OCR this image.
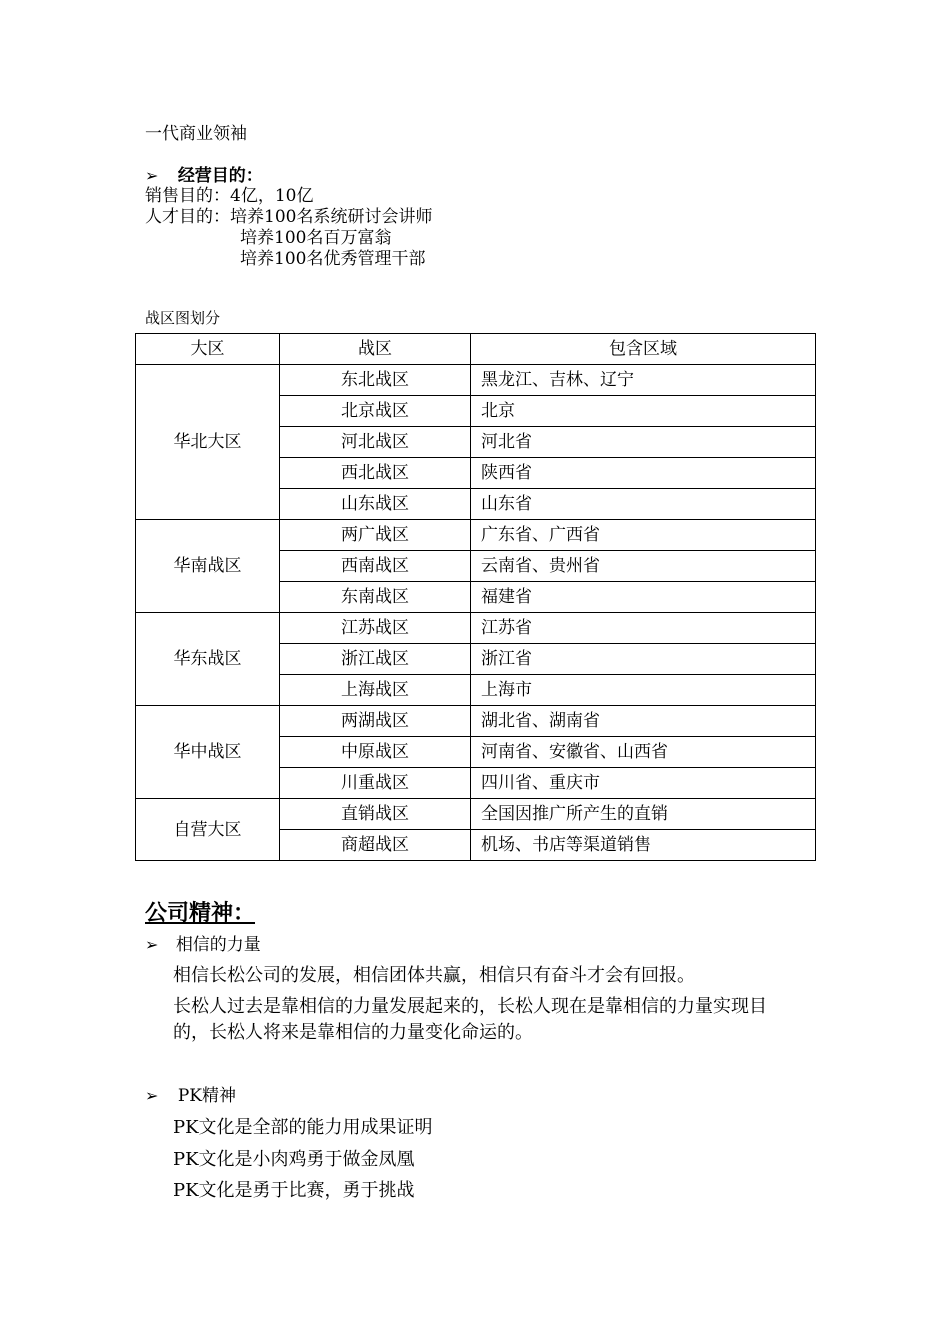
一代商业领袖
➢ 经营目的：
销售目的：4亿，10亿
人才目的：培养100名系统研讨会讲师
培养100名百万富翁
培养100名优秀管理干部
战区图划分
大区	战区	包含区域
华北大区	东北战区	黑龙江、吉林、辽宁
	北京战区	北京
	河北战区	河北省
	西北战区	陕西省
	山东战区	山东省
华南战区	两广战区	广东省、广西省
	西南战区	云南省、贵州省
	东南战区	福建省
华东战区	江苏战区	江苏省
	浙江战区	浙江省
	上海战区	上海市
华中战区	两湖战区	湖北省、湖南省
	中原战区	河南省、安徽省、山西省
	川重战区	四川省、重庆市
自营大区	直销战区	全国因推广所产生的直销
	商超战区	机场、书店等渠道销售
公司精神：
➢ 相信的力量
相信长松公司的发展，相信团体共赢，相信只有奋斗才会有回报。
长松人过去是靠相信的力量发展起来的，长松人现在是靠相信的力量实现目
的，长松人将来是靠相信的力量变化命运的。
➢ PK精神
PK文化是全部的能力用成果证明
PK文化是小肉鸡勇于做金凤凰
PK文化是勇于比赛，勇于挑战
